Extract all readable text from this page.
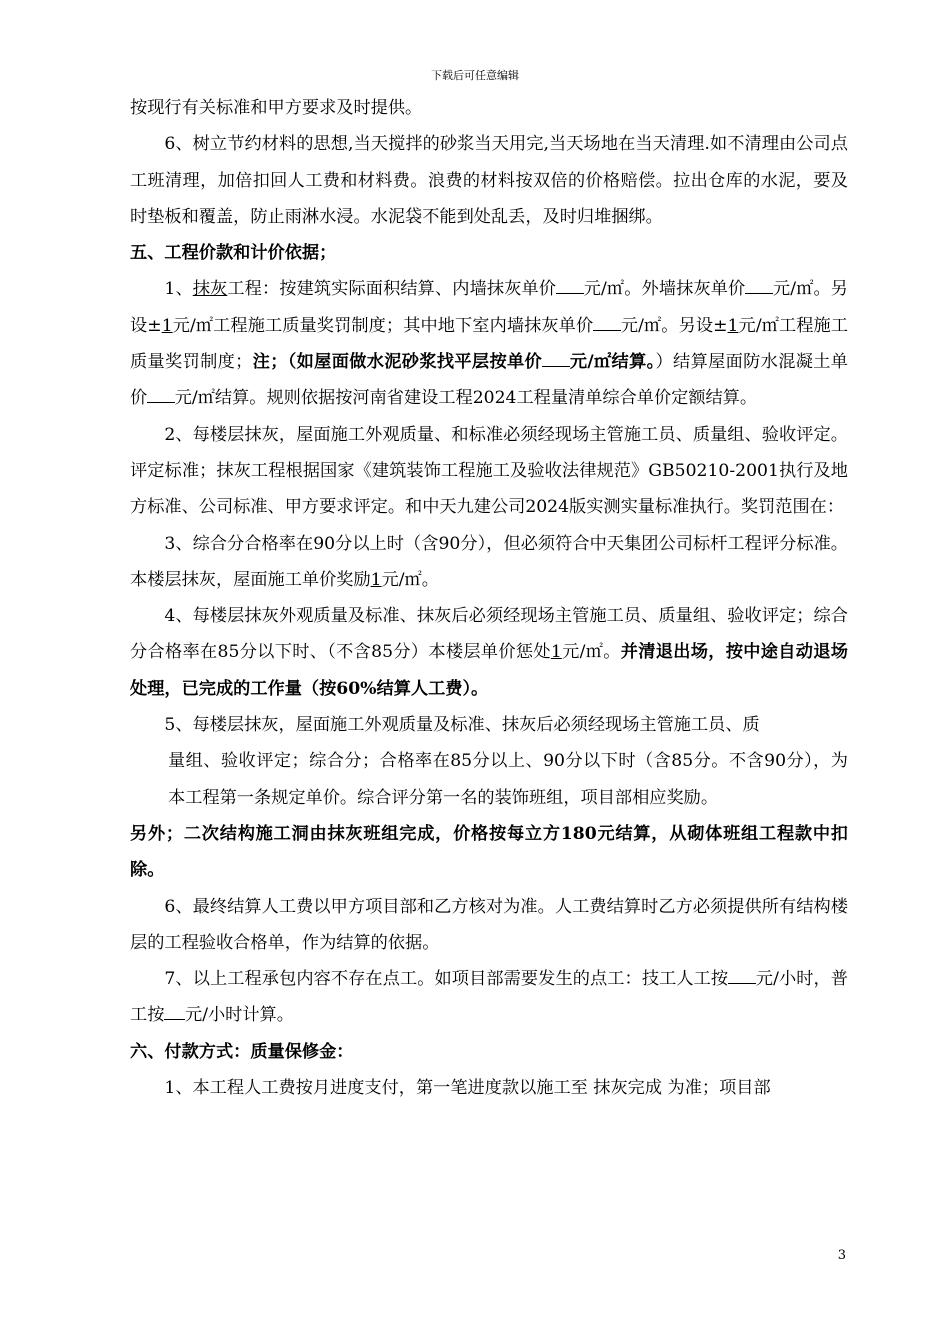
下载后可任意编辑

按现行有关标准和甲方要求及时提供。

6、树立节约材料的思想,当天搅拌的砂浆当天用完,当天场地在当天清理.如不清理由公司点工班清理，加倍扣回人工费和材料费。浪费的材料按双倍的价格赔偿。拉出仓库的水泥，要及时垫板和覆盖，防止雨淋水浸。水泥袋不能到处乱丢，及时归堆捆绑。

五、工程价款和计价依据；

1、抹灰工程：按建筑实际面积结算、内墙抹灰单价 元/㎡。外墙抹灰单价 元/㎡。另设±1元/㎡工程施工质量奖罚制度；其中地下室内墙抹灰单价 元/㎡。另设±1元/㎡工程施工质量奖罚制度；注；（如屋面做水泥砂浆找平层按单价 元/㎡结算。）结算屋面防水混凝土单价 元/㎡结算。规则依据按河南省建设工程2024工程量清单综合单价定额结算。

2、每楼层抹灰，屋面施工外观质量、和标准必须经现场主管施工员、质量组、验收评定。评定标准；抹灰工程根据国家《建筑装饰工程施工及验收法律规范》GB50210-2001执行及地方标准、公司标准、甲方要求评定。和中天九建公司2024版实测实量标准执行。奖罚范围在：

3、综合分合格率在90分以上时（含90分），但必须符合中天集团公司标杆工程评分标准。本楼层抹灰，屋面施工单价奖励1元/㎡。

4、每楼层抹灰外观质量及标准、抹灰后必须经现场主管施工员、质量组、验收评定；综合分合格率在85分以下时、（不含85分）本楼层单价惩处1元/㎡。并清退出场，按中途自动退场处理，已完成的工作量（按60%结算人工费）。

5、每楼层抹灰，屋面施工外观质量及标准、抹灰后必须经现场主管施工员、质

量组、验收评定；综合分；合格率在85分以上、90分以下时（含85分。不含90分），为本工程第一条规定单价。综合评分第一名的装饰班组，项目部相应奖励。

另外；二次结构施工洞由抹灰班组完成，价格按每立方180元结算，从砌体班组工程款中扣除。

6、最终结算人工费以甲方项目部和乙方核对为准。人工费结算时乙方必须提供所有结构楼层的工程验收合格单，作为结算的依据。

7、以上工程承包内容不存在点工。如项目部需要发生的点工：技工人工按 元/小时，普工按 元/小时计算。

六、付款方式：质量保修金：

1、本工程人工费按月进度支付，第一笔进度款以施工至 抹灰完成 为准；项目部

3
